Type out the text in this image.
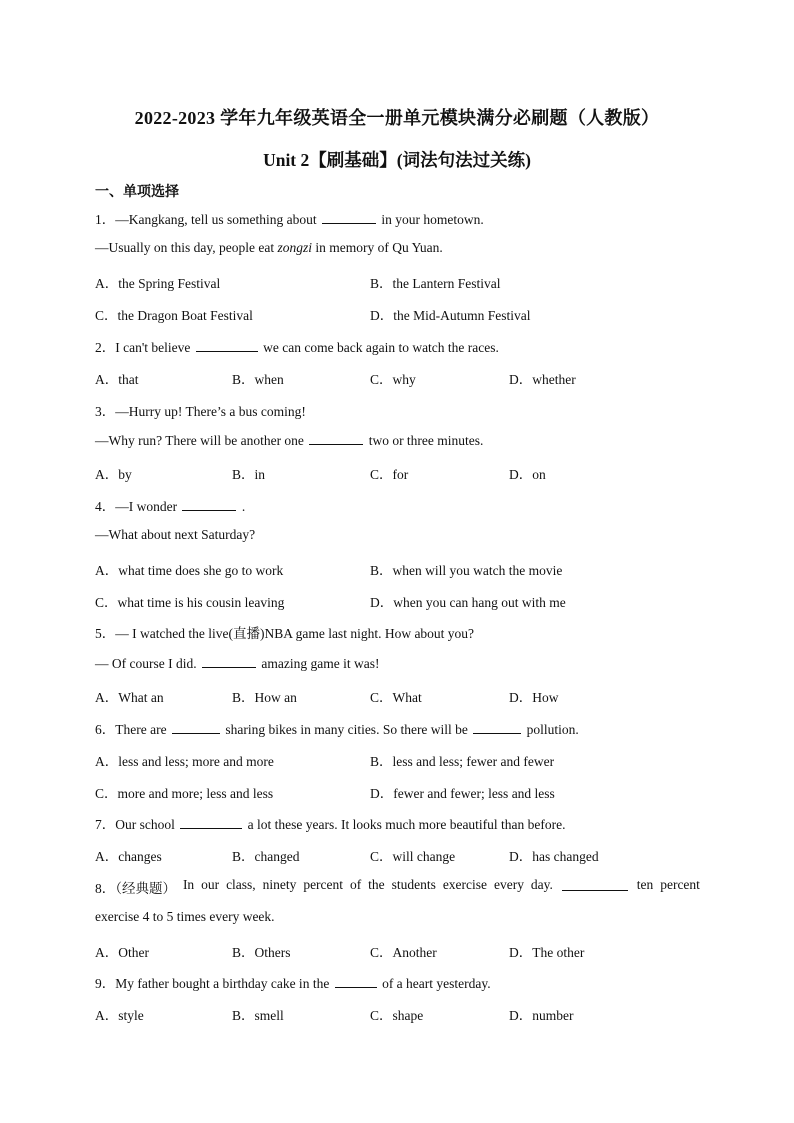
2022-2023 学年九年级英语全一册单元模块满分必刷题（人教版）
Unit 2【刷基础】(词法句法过关练)
一、单项选择
1．—Kangkang, tell us something about	in your hometown.
—Usually on this day, people eat zongzi in memory of Qu Yuan.
A．the Spring Festival	B．the Lantern Festival
C．the Dragon Boat Festival	D．the Mid-Autumn Festival
2．I can't believe	we can come back again to watch the races.
A．that	B．when	C．why	D．whether
3．—Hurry up! There’s a bus coming!
—Why run? There will be another one	two or three minutes.
A．by	B．in	C．for	D．on
4．—I wonder	.
—What about next Saturday?
A．what time does she go to work	B．when will you watch the movie
C．what time is his cousin leaving	D．when you can hang out with me
5．— I watched the live(直播)NBA game last night. How about you?
— Of course I did.	amazing game it was!
A．What an	B．How an	C．What	D．How
6．There are	sharing bikes in many cities. So there will be	pollution.
A．less and less; more and more	B．less and less; fewer and fewer
C．more and more; less and less	D．fewer and fewer; less and less
7．Our school	a lot these years. It looks much more beautiful than before.
A．changes	B．changed	C．will change	D．has changed
8．（经典题） In our class, ninety percent of the students exercise every day.	ten percent
exercise 4 to 5 times every week.
A．Other	B．Others	C．Another	D．The other
9．My father bought a birthday cake in the	of a heart yesterday.
A．style	B．smell	C．shape	D．number
